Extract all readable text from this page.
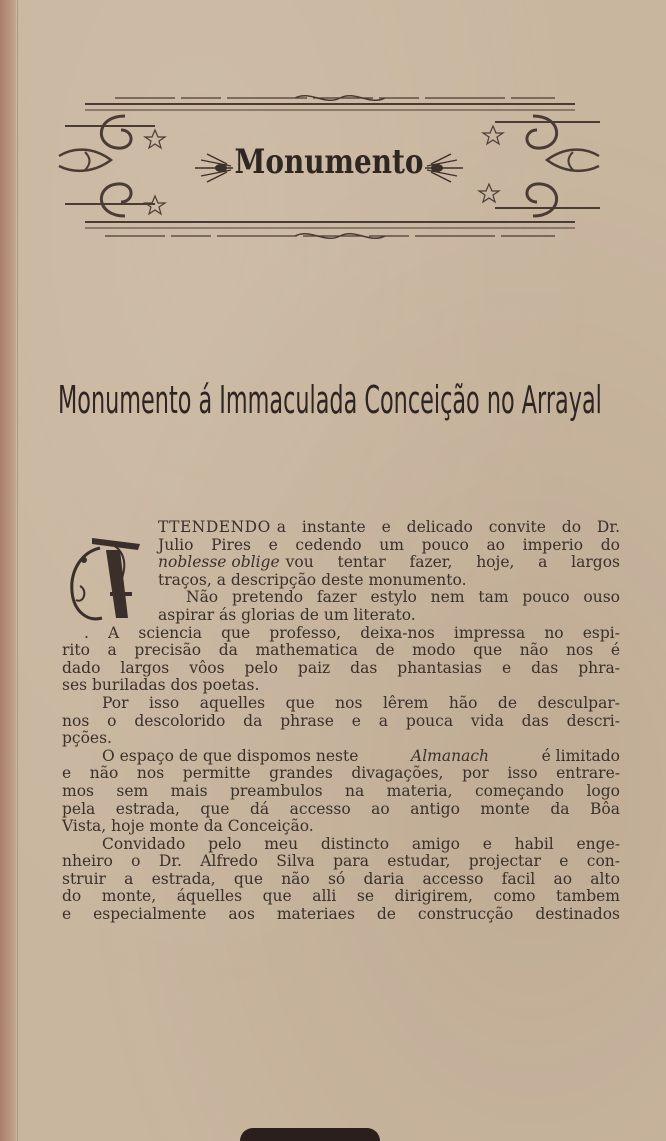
Monumento
Monumento á Immaculada Conceição no Arrayal
TTENDENDO a instante e delicado convite do Dr.
Julio Pires e cedendo um pouco ao imperio do
noblesse oblige vou tentar fazer, hoje, a largos
traços, a descripção deste monumento.
Não pretendo fazer estylo nem tam pouco ouso
aspirar ás glorias de um literato.
. A sciencia que professo, deixa-nos impressa no espi-
rito a precisão da mathematica de modo que não nos é
dado largos vôos pelo paiz das phantasias e das phra-
ses buriladas dos poetas.
Por isso aquelles que nos lêrem hão de desculpar-
nos o descolorido da phrase e a pouca vida das descri-
pções.
O espaço de que dispomos neste	Almanach	é limitado
e não nos permitte grandes divagações, por isso entrare-
mos sem mais preambulos na materia, começando logo
pela estrada, que dá accesso ao antigo monte da Bôa
Vista, hoje monte da Conceição.
Convidado pelo meu distincto amigo e habil enge-
nheiro o Dr. Alfredo Silva para estudar, projectar e con-
struir a estrada, que não só daria accesso facil ao alto
do monte, áquelles que alli se dirigirem, como tambem
e especialmente aos materiaes de construcção destinados
